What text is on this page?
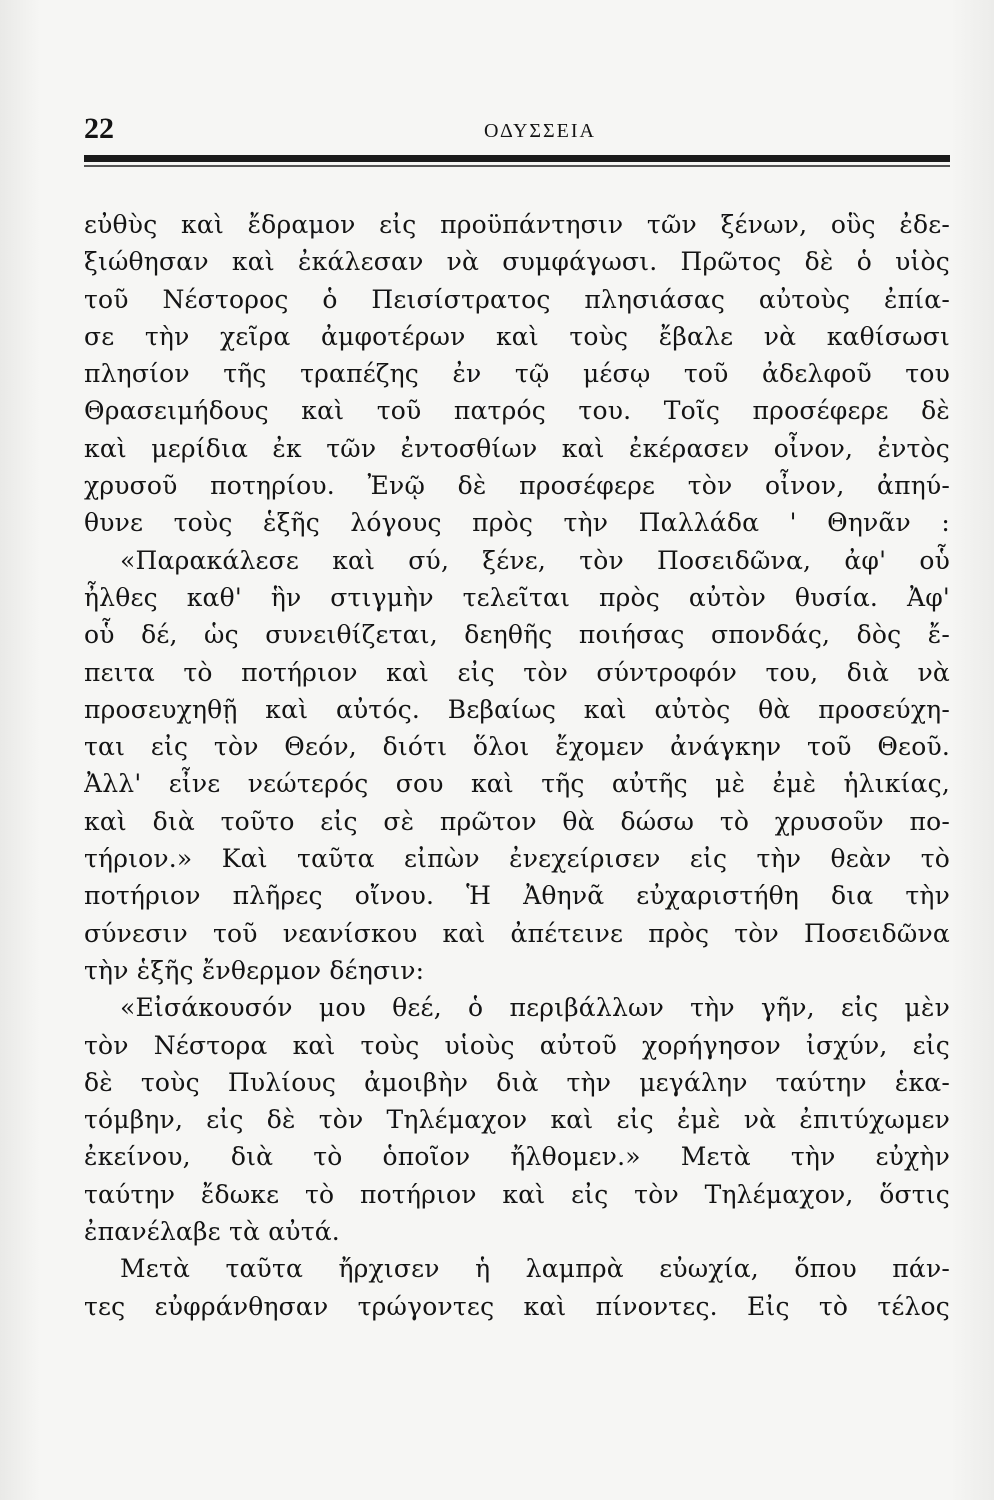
22	ΟΔΥΣΣΕΙΑ
εὐθὺς καὶ ἔδραμον εἰς προϋπάντησιν τῶν ξένων, οὓς ἐδε-
ξιώθησαν καὶ ἐκάλεσαν νὰ συμφάγωσι. Πρῶτος δὲ ὁ υἱὸς
τοῦ Νέστορος ὁ Πεισίστρατος πλησιάσας αὐτοὺς ἐπία-
σε τὴν χεῖρα ἀμφοτέρων καὶ τοὺς ἔβαλε νὰ καθίσωσι
πλησίον τῆς τραπέζης ἐν τῷ μέσῳ τοῦ ἀδελφοῦ του
Θρασειμήδους καὶ τοῦ πατρός του. Τοῖς προσέφερε δὲ
καὶ μερίδια ἐκ τῶν ἐντοσθίων καὶ ἐκέρασεν οἶνον, ἐντὸς
χρυσοῦ ποτηρίου. Ἐνῷ δὲ προσέφερε τὸν οἶνον, ἀπηύ-
θυνε τοὺς ἑξῆς λόγους πρὸς τὴν Παλλάδα ' Θηνᾶν :
«Παρακάλεσε καὶ σύ, ξένε, τὸν Ποσειδῶνα, ἀφ' οὗ
ἦλθες καθ' ἣν στιγμὴν τελεῖται πρὸς αὐτὸν θυσία. Ἀφ'
οὗ δέ, ὡς συνειθίζεται, δεηθῆς ποιήσας σπονδάς, δὸς ἔ-
πειτα τὸ ποτήριον καὶ εἰς τὸν σύντροφόν του, διὰ νὰ
προσευχηθῇ καὶ αὐτός. Βεβαίως καὶ αὐτὸς θὰ προσεύχη-
ται εἰς τὸν Θεόν, διότι ὅλοι ἔχομεν ἀνάγκην τοῦ Θεοῦ.
Ἀλλ' εἶνε νεώτερός σου καὶ τῆς αὐτῆς μὲ ἐμὲ ἡλικίας,
καὶ διὰ τοῦτο εἰς σὲ πρῶτον θὰ δώσω τὸ χρυσοῦν πο-
τήριον.» Καὶ ταῦτα εἰπὼν ἐνεχείρισεν εἰς τὴν θεὰν τὸ
ποτήριον πλῆρες οἴνου. Ἡ Ἀθηνᾶ εὐχαριστήθη δια τὴν
σύνεσιν τοῦ νεανίσκου καὶ ἀπέτεινε πρὸς τὸν Ποσειδῶνα
τὴν ἑξῆς ἔνθερμον δέησιν:
«Εἰσάκουσόν μου θεέ, ὁ περιβάλλων τὴν γῆν, εἰς μὲν
τὸν Νέστορα καὶ τοὺς υἱοὺς αὐτοῦ χορήγησον ἰσχύν, εἰς
δὲ τοὺς Πυλίους ἀμοιβὴν διὰ τὴν μεγάλην ταύτην ἑκα-
τόμβην, εἰς δὲ τὸν Τηλέμαχον καὶ εἰς ἐμὲ νὰ ἐπιτύχωμεν
ἐκείνου, διὰ τὸ ὁποῖον ἤλθομεν.» Μετὰ τὴν εὐχὴν
ταύτην ἔδωκε τὸ ποτήριον καὶ εἰς τὸν Τηλέμαχον, ὅστις
ἐπανέλαβε τὰ αὐτά.
Μετὰ ταῦτα ἤρχισεν ἡ λαμπρὰ εὐωχία, ὅπου πάν-
τες εὐφράνθησαν τρώγοντες καὶ πίνοντες. Εἰς τὸ τέλος
